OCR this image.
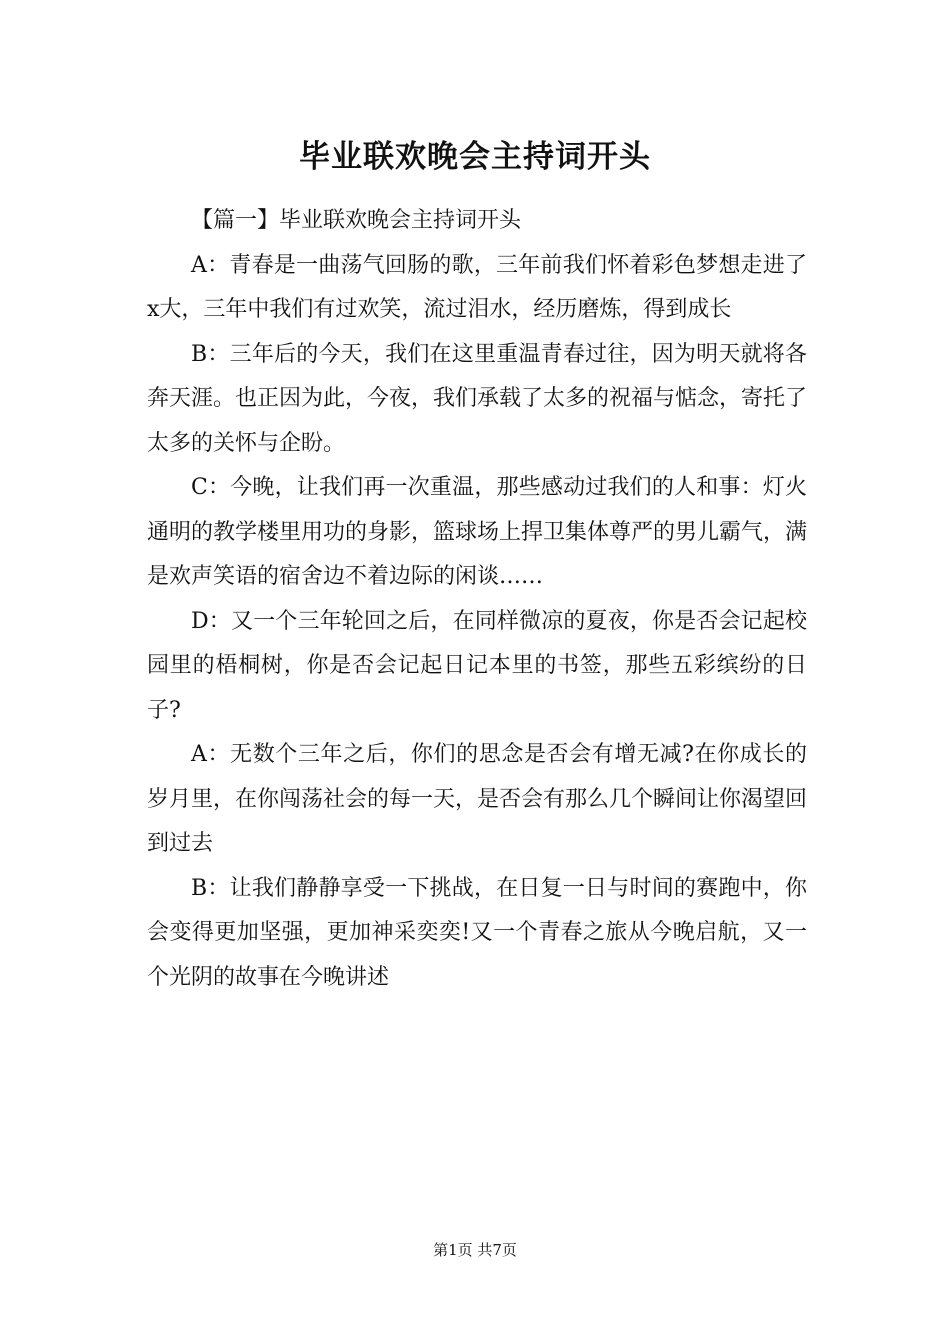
毕业联欢晚会主持词开头

【篇一】毕业联欢晚会主持词开头

A：青春是一曲荡气回肠的歌，三年前我们怀着彩色梦想走进了x大，三年中我们有过欢笑，流过泪水，经历磨炼，得到成长

B：三年后的今天，我们在这里重温青春过往，因为明天就将各奔天涯。也正因为此，今夜，我们承载了太多的祝福与惦念，寄托了太多的关怀与企盼。

C：今晚，让我们再一次重温，那些感动过我们的人和事：灯火通明的教学楼里用功的身影，篮球场上捍卫集体尊严的男儿霸气，满是欢声笑语的宿舍边不着边际的闲谈……

D：又一个三年轮回之后，在同样微凉的夏夜，你是否会记起校园里的梧桐树，你是否会记起日记本里的书签，那些五彩缤纷的日子?

A：无数个三年之后，你们的思念是否会有增无减?在你成长的岁月里，在你闯荡社会的每一天，是否会有那么几个瞬间让你渴望回到过去

B：让我们静静享受一下挑战，在日复一日与时间的赛跑中，你会变得更加坚强，更加神采奕奕!又一个青春之旅从今晚启航，又一个光阴的故事在今晚讲述

第1页 共7页
